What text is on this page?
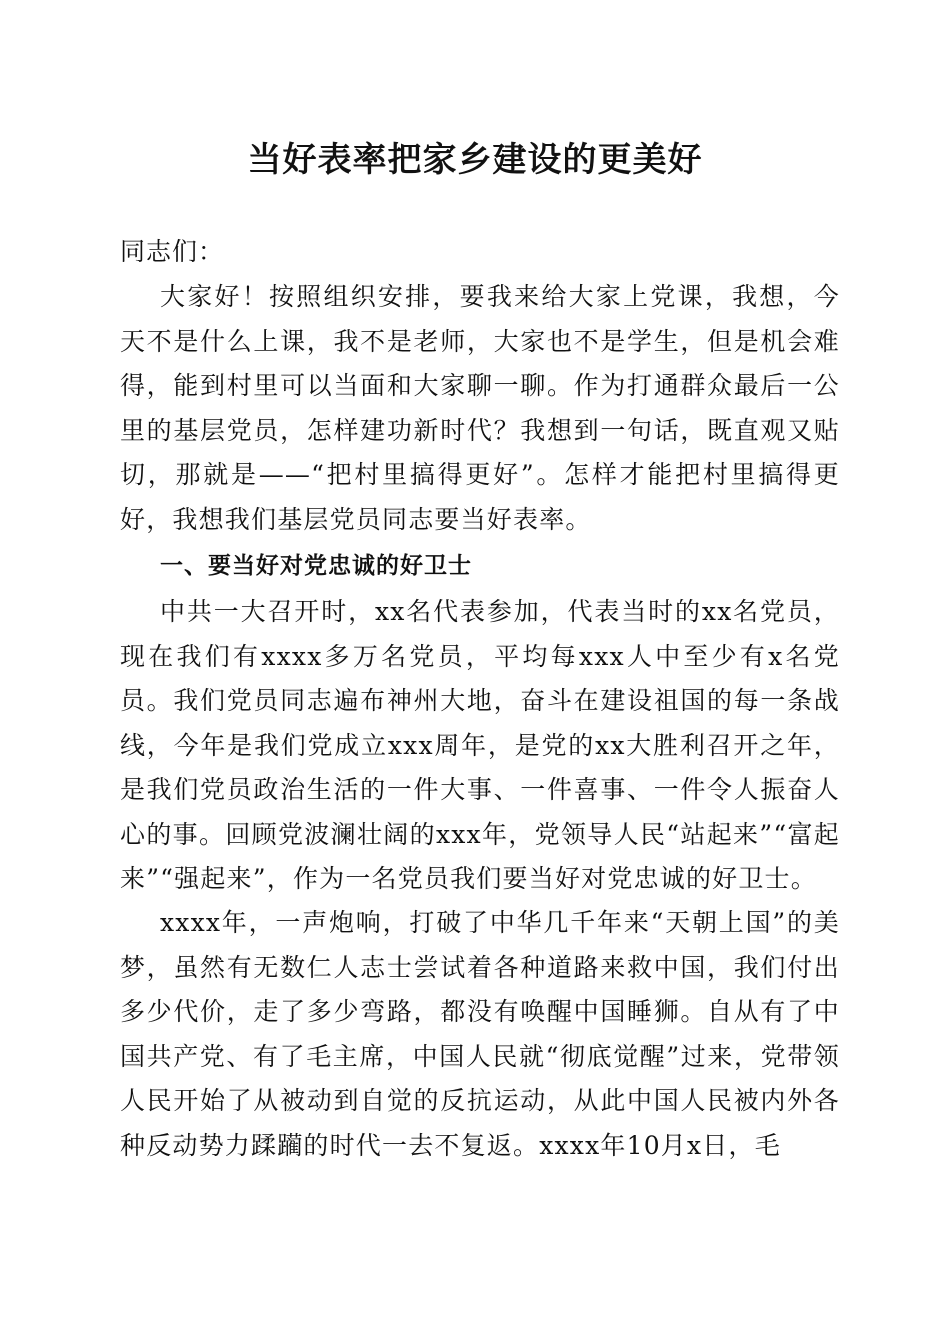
当好表率把家乡建设的更美好

同志们：

大家好！按照组织安排，要我来给大家上党课，我想，今天不是什么上课，我不是老师，大家也不是学生，但是机会难得，能到村里可以当面和大家聊一聊。作为打通群众最后一公里的基层党员，怎样建功新时代？我想到一句话，既直观又贴切，那就是——“把村里搞得更好”。怎样才能把村里搞得更好，我想我们基层党员同志要当好表率。

一、要当好对党忠诚的好卫士

中共一大召开时，xx名代表参加，代表当时的xx名党员，现在我们有xxxx多万名党员，平均每xxx人中至少有x名党员。我们党员同志遍布神州大地，奋斗在建设祖国的每一条战线，今年是我们党成立xxx周年，是党的xx大胜利召开之年，是我们党员政治生活的一件大事、一件喜事、一件令人振奋人心的事。回顾党波澜壮阔的xxx年，党领导人民“站起来”“富起来”“强起来”，作为一名党员我们要当好对党忠诚的好卫士。

xxxx年，一声炮响，打破了中华几千年来“天朝上国”的美梦，虽然有无数仁人志士尝试着各种道路来救中国，我们付出多少代价，走了多少弯路，都没有唤醒中国睡狮。自从有了中国共产党、有了毛主席，中国人民就“彻底觉醒”过来，党带领人民开始了从被动到自觉的反抗运动，从此中国人民被内外各种反动势力蹂躏的时代一去不复返。xxxx年10月x日，毛
